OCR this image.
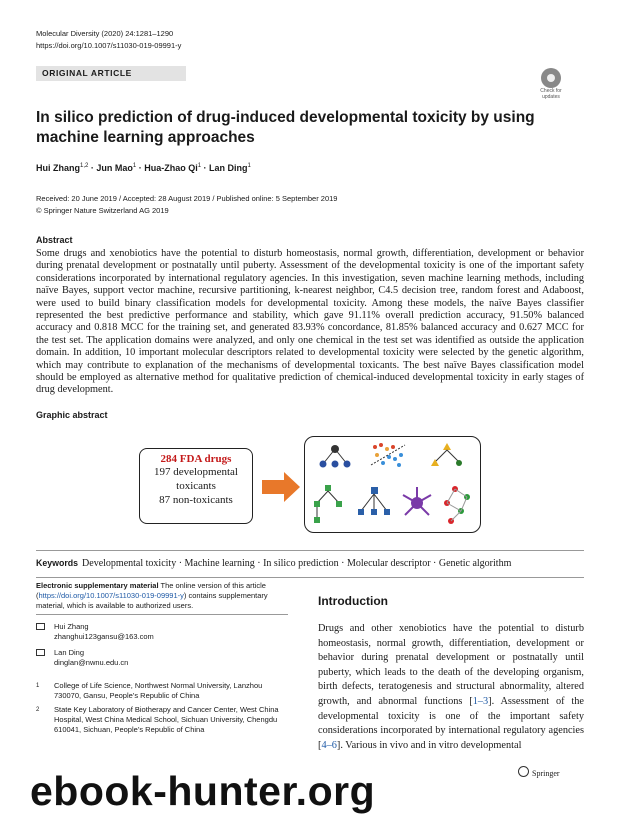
Molecular Diversity (2020) 24:1281–1290
https://doi.org/10.1007/s11030-019-09991-y
ORIGINAL ARTICLE
Check for
updates
In silico prediction of drug-induced developmental toxicity by using machine learning approaches
Hui Zhang$^{1,2}$ · Jun Mao$^1$ · Hua-Zhao $Qi^1$ · Lan Ding$^1$
Received: 20 June 2019 / Accepted: 28 August 2019 / Published online: 5 September 2019
© Springer Nature Switzerland AG 2019
Abstract
Some drugs and xenobiotics have the potential to disturb homeostasis, normal growth, differentiation, development or behavior during prenatal development or postnatally until puberty. Assessment of the developmental toxicity is one of the important safety considerations incorporated by international regulatory agencies. In this investigation, seven machine learning methods, including naïve Bayes, support vector machine, recursive partitioning, k-nearest neighbor, C4.5 decision tree, random forest and Adaboost, were used to build binary classification models for developmental toxicity. Among these models, the naïve Bayes classifier represented the best predictive performance and stability, which gave 91.11% overall prediction accuracy, 91.50% balanced accuracy and 0.818 MCC for the training set, and generated 83.93% concordance, 81.85% balanced accuracy and 0.627 MCC for the test set. The application domains were analyzed, and only one chemical in the test set was identified as outside the application domain. In addition, 10 important molecular descriptors related to developmental toxicity were selected by the genetic algorithm, which may contribute to explanation of the mechanisms of developmental toxicants. The best naïve Bayes classification model should be employed as alternative method for qualitative prediction of chemical-induced developmental toxicity in early stages of drug development.
Graphic abstract
284 FDA drugs
197 developmental
toxicants
87 non-toxicants
Keywords Developmental toxicity · Machine learning · In silico prediction · Molecular descriptor · Genetic algorithm
Electronic supplementary material The online version of this article (https://doi.org/10.1007/s11030-019-09991-y) contains supplementary material, which is available to authorized users.
Hui Zhang
zhanghui123gansu@163.com
Lan Ding
dinglan@nwnu.edu.cn
1 College of Life Science, Northwest Normal University, Lanzhou 730070, Gansu, People’s Republic of China
2 State Key Laboratory of Biotherapy and Cancer Center, West China Hospital, West China Medical School, Sichuan University, Chengdu 610041, Sichuan, People’s Republic of China
Introduction
Drugs and other xenobiotics have the potential to disturb homeostasis, normal growth, differentiation, development or behavior during prenatal development or postnatally until puberty, which leads to the death of the developing organism, birth defects, teratogenesis and structural abnormality, altered growth, and abnormal functions [1–3]. Assessment of the developmental toxicity is one of the important safety considerations incorporated by international regulatory agencies [4–6]. Various in vivo and in vitro developmental
Springer
ebook-hunter.org
